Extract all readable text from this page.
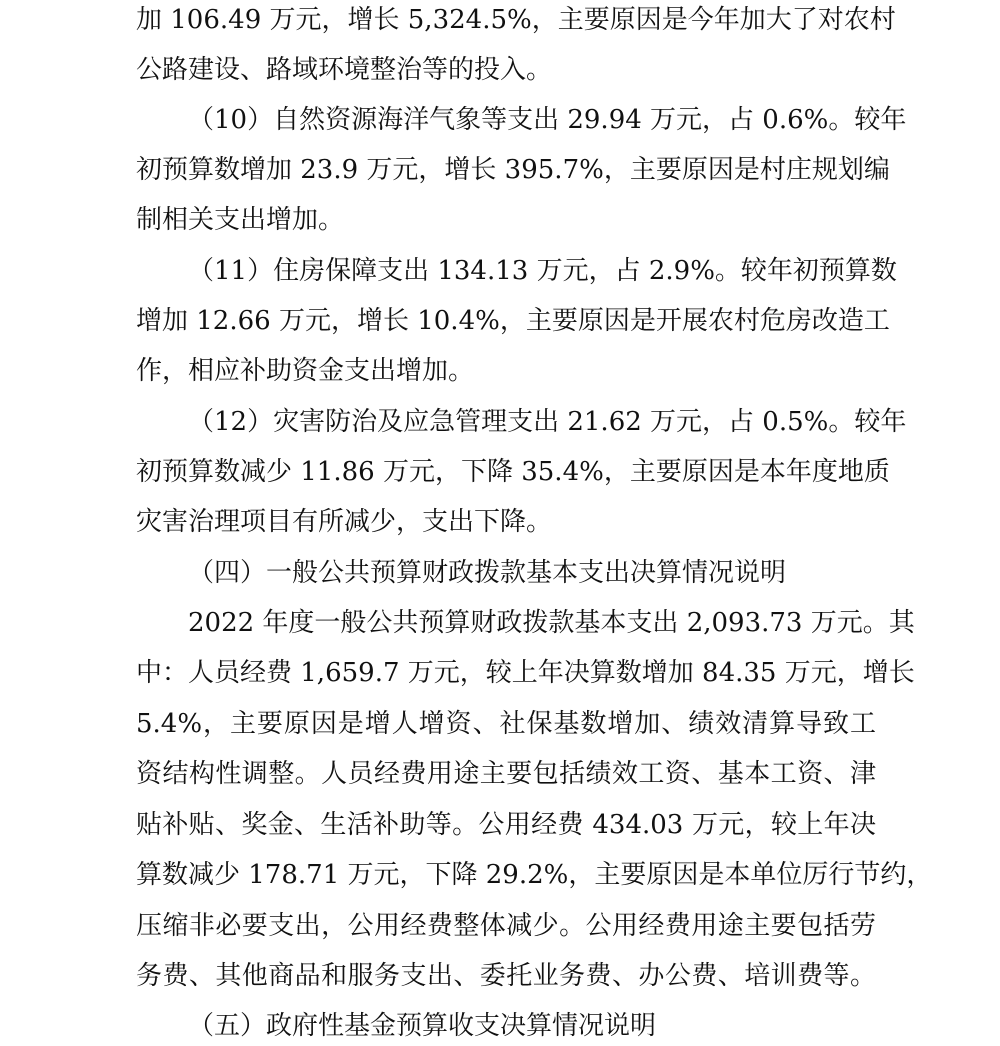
加 106.49 万元，增长 5,324.5%，主要原因是今年加大了对农村
公路建设、路域环境整治等的投入。
（10）自然资源海洋气象等支出 29.94 万元，占 0.6%。较年
初预算数增加 23.9 万元，增长 395.7%，主要原因是村庄规划编
制相关支出增加。
（11）住房保障支出 134.13 万元，占 2.9%。较年初预算数
增加 12.66 万元，增长 10.4%，主要原因是开展农村危房改造工
作，相应补助资金支出增加。
（12）灾害防治及应急管理支出 21.62 万元，占 0.5%。较年
初预算数减少 11.86 万元，下降 35.4%，主要原因是本年度地质
灾害治理项目有所减少，支出下降。
（四）一般公共预算财政拨款基本支出决算情况说明
2022 年度一般公共预算财政拨款基本支出 2,093.73 万元。其
中：人员经费 1,659.7 万元，较上年决算数增加 84.35 万元，增长
5.4%，主要原因是增人增资、社保基数增加、绩效清算导致工
资结构性调整。人员经费用途主要包括绩效工资、基本工资、津
贴补贴、奖金、生活补助等。公用经费 434.03 万元，较上年决
算数减少 178.71 万元，下降 29.2%，主要原因是本单位厉行节约，
压缩非必要支出，公用经费整体减少。公用经费用途主要包括劳
务费、其他商品和服务支出、委托业务费、办公费、培训费等。
（五）政府性基金预算收支决算情况说明
